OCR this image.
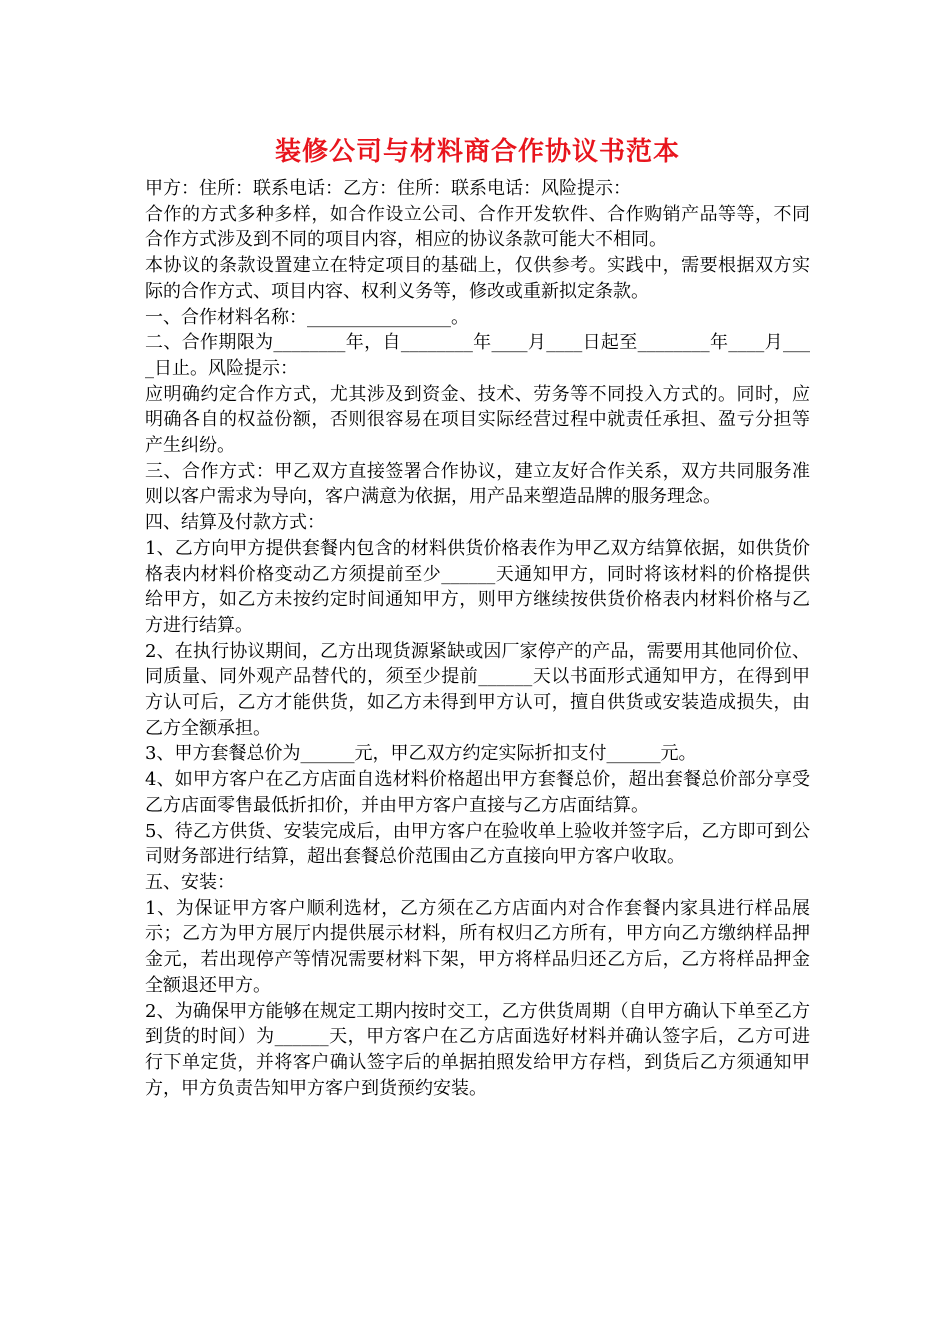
装修公司与材料商合作协议书范本

甲方：住所：联系电话：乙方：住所：联系电话：风险提示：

合作的方式多种多样，如合作设立公司、合作开发软件、合作购销产品等等，不同合作方式涉及到不同的项目内容，相应的协议条款可能大不相同。

本协议的条款设置建立在特定项目的基础上，仅供参考。实践中，需要根据双方实际的合作方式、项目内容、权利义务等，修改或重新拟定条款。

一、合作材料名称：________________。

二、合作期限为________年，自________年____月____日起至________年____月____日止。风险提示：

应明确约定合作方式，尤其涉及到资金、技术、劳务等不同投入方式的。同时，应明确各自的权益份额，否则很容易在项目实际经营过程中就责任承担、盈亏分担等产生纠纷。

三、合作方式：甲乙双方直接签署合作协议，建立友好合作关系，双方共同服务准则以客户需求为导向，客户满意为依据，用产品来塑造品牌的服务理念。

四、结算及付款方式：

1、乙方向甲方提供套餐内包含的材料供货价格表作为甲乙双方结算依据，如供货价格表内材料价格变动乙方须提前至少______天通知甲方，同时将该材料的价格提供给甲方，如乙方未按约定时间通知甲方，则甲方继续按供货价格表内材料价格与乙方进行结算。

2、在执行协议期间，乙方出现货源紧缺或因厂家停产的产品，需要用其他同价位、同质量、同外观产品替代的，须至少提前______天以书面形式通知甲方，在得到甲方认可后，乙方才能供货，如乙方未得到甲方认可，擅自供货或安装造成损失，由乙方全额承担。

3、甲方套餐总价为______元，甲乙双方约定实际折扣支付______元。

4、如甲方客户在乙方店面自选材料价格超出甲方套餐总价，超出套餐总价部分享受乙方店面零售最低折扣价，并由甲方客户直接与乙方店面结算。

5、待乙方供货、安装完成后，由甲方客户在验收单上验收并签字后，乙方即可到公司财务部进行结算，超出套餐总价范围由乙方直接向甲方客户收取。

五、安装：

1、为保证甲方客户顺利选材，乙方须在乙方店面内对合作套餐内家具进行样品展示；乙方为甲方展厅内提供展示材料，所有权归乙方所有，甲方向乙方缴纳样品押金元，若出现停产等情况需要材料下架，甲方将样品归还乙方后，乙方将样品押金全额退还甲方。

2、为确保甲方能够在规定工期内按时交工，乙方供货周期（自甲方确认下单至乙方到货的时间）为______天，甲方客户在乙方店面选好材料并确认签字后，乙方可进行下单定货，并将客户确认签字后的单据拍照发给甲方存档，到货后乙方须通知甲方，甲方负责告知甲方客户到货预约安装。
